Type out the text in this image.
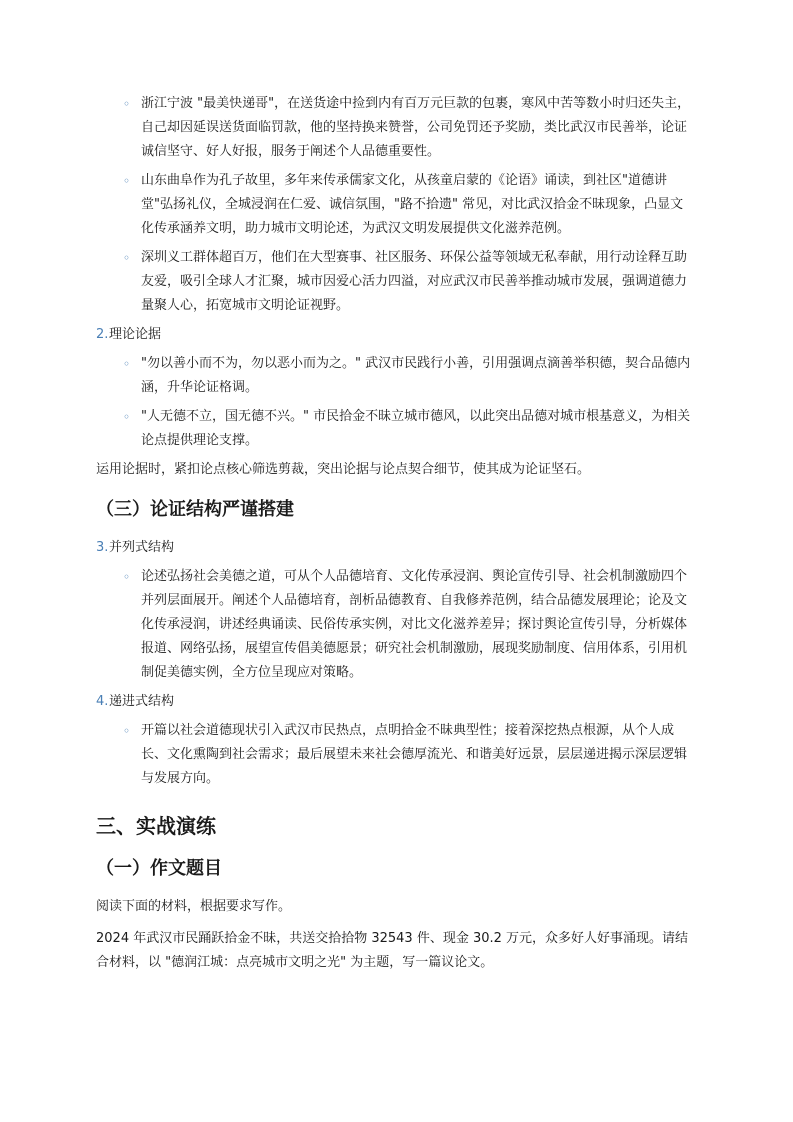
◦ 浙江宁波 "最美快递哥"，在送货途中捡到内有百万元巨款的包裹，寒风中苦等数小时归还失主，自己却因延误送货面临罚款，他的坚持换来赞誉，公司免罚还予奖励，类比武汉市民善举，论证诚信坚守、好人好报，服务于阐述个人品德重要性。

◦ 山东曲阜作为孔子故里，多年来传承儒家文化，从孩童启蒙的《论语》诵读，到社区"道德讲堂"弘扬礼仪，全城浸润在仁爱、诚信氛围，"路不拾遗" 常见，对比武汉拾金不昧现象，凸显文化传承涵养文明，助力城市文明论述，为武汉文明发展提供文化滋养范例。

◦ 深圳义工群体超百万，他们在大型赛事、社区服务、环保公益等领域无私奉献，用行动诠释互助友爱，吸引全球人才汇聚，城市因爱心活力四溢，对应武汉市民善举推动城市发展，强调道德力量聚人心，拓宽城市文明论证视野。

2. 理论论据

◦ "勿以善小而不为，勿以恶小而为之。" 武汉市民践行小善，引用强调点滴善举积德，契合品德内涵，升华论证格调。

◦ "人无德不立，国无德不兴。" 市民拾金不昧立城市德风，以此突出品德对城市根基意义，为相关论点提供理论支撑。

运用论据时，紧扣论点核心筛选剪裁，突出论据与论点契合细节，使其成为论证坚石。

（三）论证结构严谨搭建
3. 并列式结构

◦ 论述弘扬社会美德之道，可从个人品德培育、文化传承浸润、舆论宣传引导、社会机制激励四个并列层面展开。阐述个人品德培育，剖析品德教育、自我修养范例，结合品德发展理论；论及文化传承浸润，讲述经典诵读、民俗传承实例，对比文化滋养差异；探讨舆论宣传引导，分析媒体报道、网络弘扬，展望宣传倡美德愿景；研究社会机制激励，展现奖励制度、信用体系，引用机制促美德实例，全方位呈现应对策略。

4. 递进式结构

◦ 开篇以社会道德现状引入武汉市民热点，点明拾金不昧典型性；接着深挖热点根源，从个人成长、文化熏陶到社会需求；最后展望未来社会德厚流光、和谐美好远景，层层递进揭示深层逻辑与发展方向。

三、实战演练
（一）作文题目

阅读下面的材料，根据要求写作。

2024 年武汉市民踊跃拾金不昧，共送交拾拾物 32543 件、现金 30.2 万元，众多好人好事涌现。请结合材料，以 "德润江城：点亮城市文明之光" 为主题，写一篇议论文。
